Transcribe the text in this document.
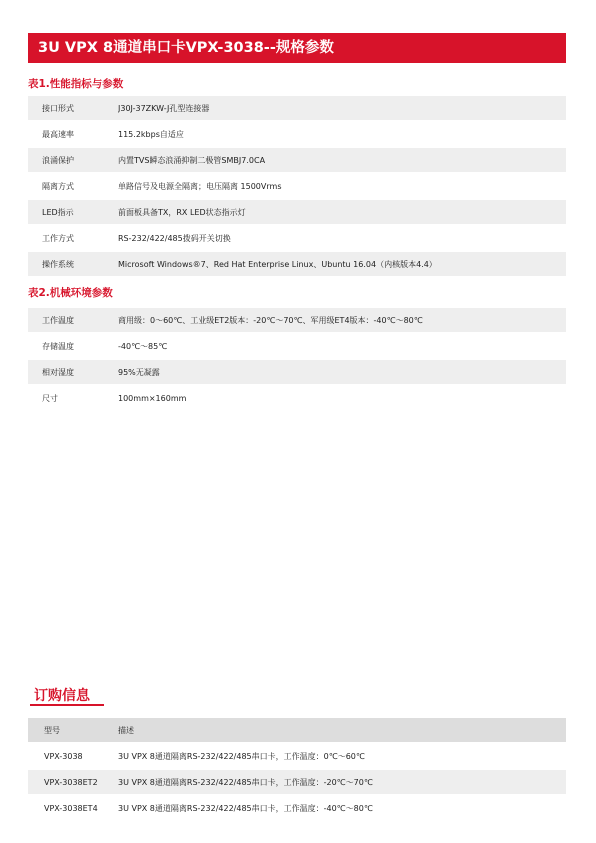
3U VPX 8通道串口卡VPX-3038--规格参数
表1.性能指标与参数
接口形式	J30J-37ZKW-J孔型连接器
最高速率	115.2kbps自适应
浪涌保护	内置TVS瞬态浪涌抑制二极管SMBJ7.0CA
隔离方式	单路信号及电源全隔离；电压隔离 1500Vrms
LED指示	前面板具备TX，RX LED状态指示灯
工作方式	RS-232/422/485拨码开关切换
操作系统	Microsoft Windows®7、Red Hat Enterprise Linux、Ubuntu 16.04（内核版本4.4）
表2.机械环境参数
工作温度	商用级：0～60℃、工业级ET2版本：-20℃～70℃、军用级ET4版本：-40℃～80℃
存储温度	-40℃～85℃
相对湿度	95%无凝露
尺寸	100mm×160mm
订购信息
型号	描述
VPX-3038	3U VPX 8通道隔离RS-232/422/485串口卡，工作温度：0℃～60℃
VPX-3038ET2	3U VPX 8通道隔离RS-232/422/485串口卡，工作温度：-20℃～70℃
VPX-3038ET4	3U VPX 8通道隔离RS-232/422/485串口卡，工作温度：-40℃～80℃
